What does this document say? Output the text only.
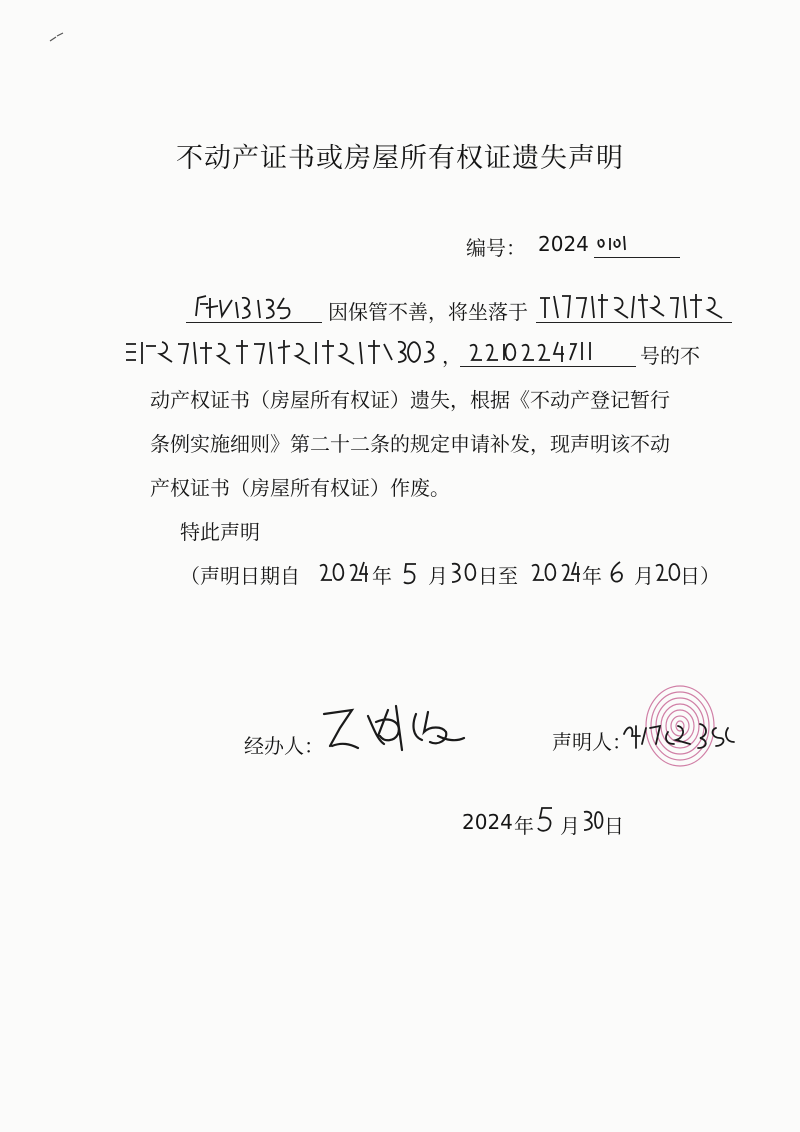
不动产证书或房屋所有权证遗失声明
编号： 2024
因保管不善，将坐落于
，	号的不
动产权证书（房屋所有权证）遗失，根据《不动产登记暂行
条例实施细则》第二十二条的规定申请补发，现声明该不动
产权证书（房屋所有权证）作废。
特此声明
（声明日期自	年 月 日至	年 月 日）
经办人：	声明人：
2024 年 月 日
